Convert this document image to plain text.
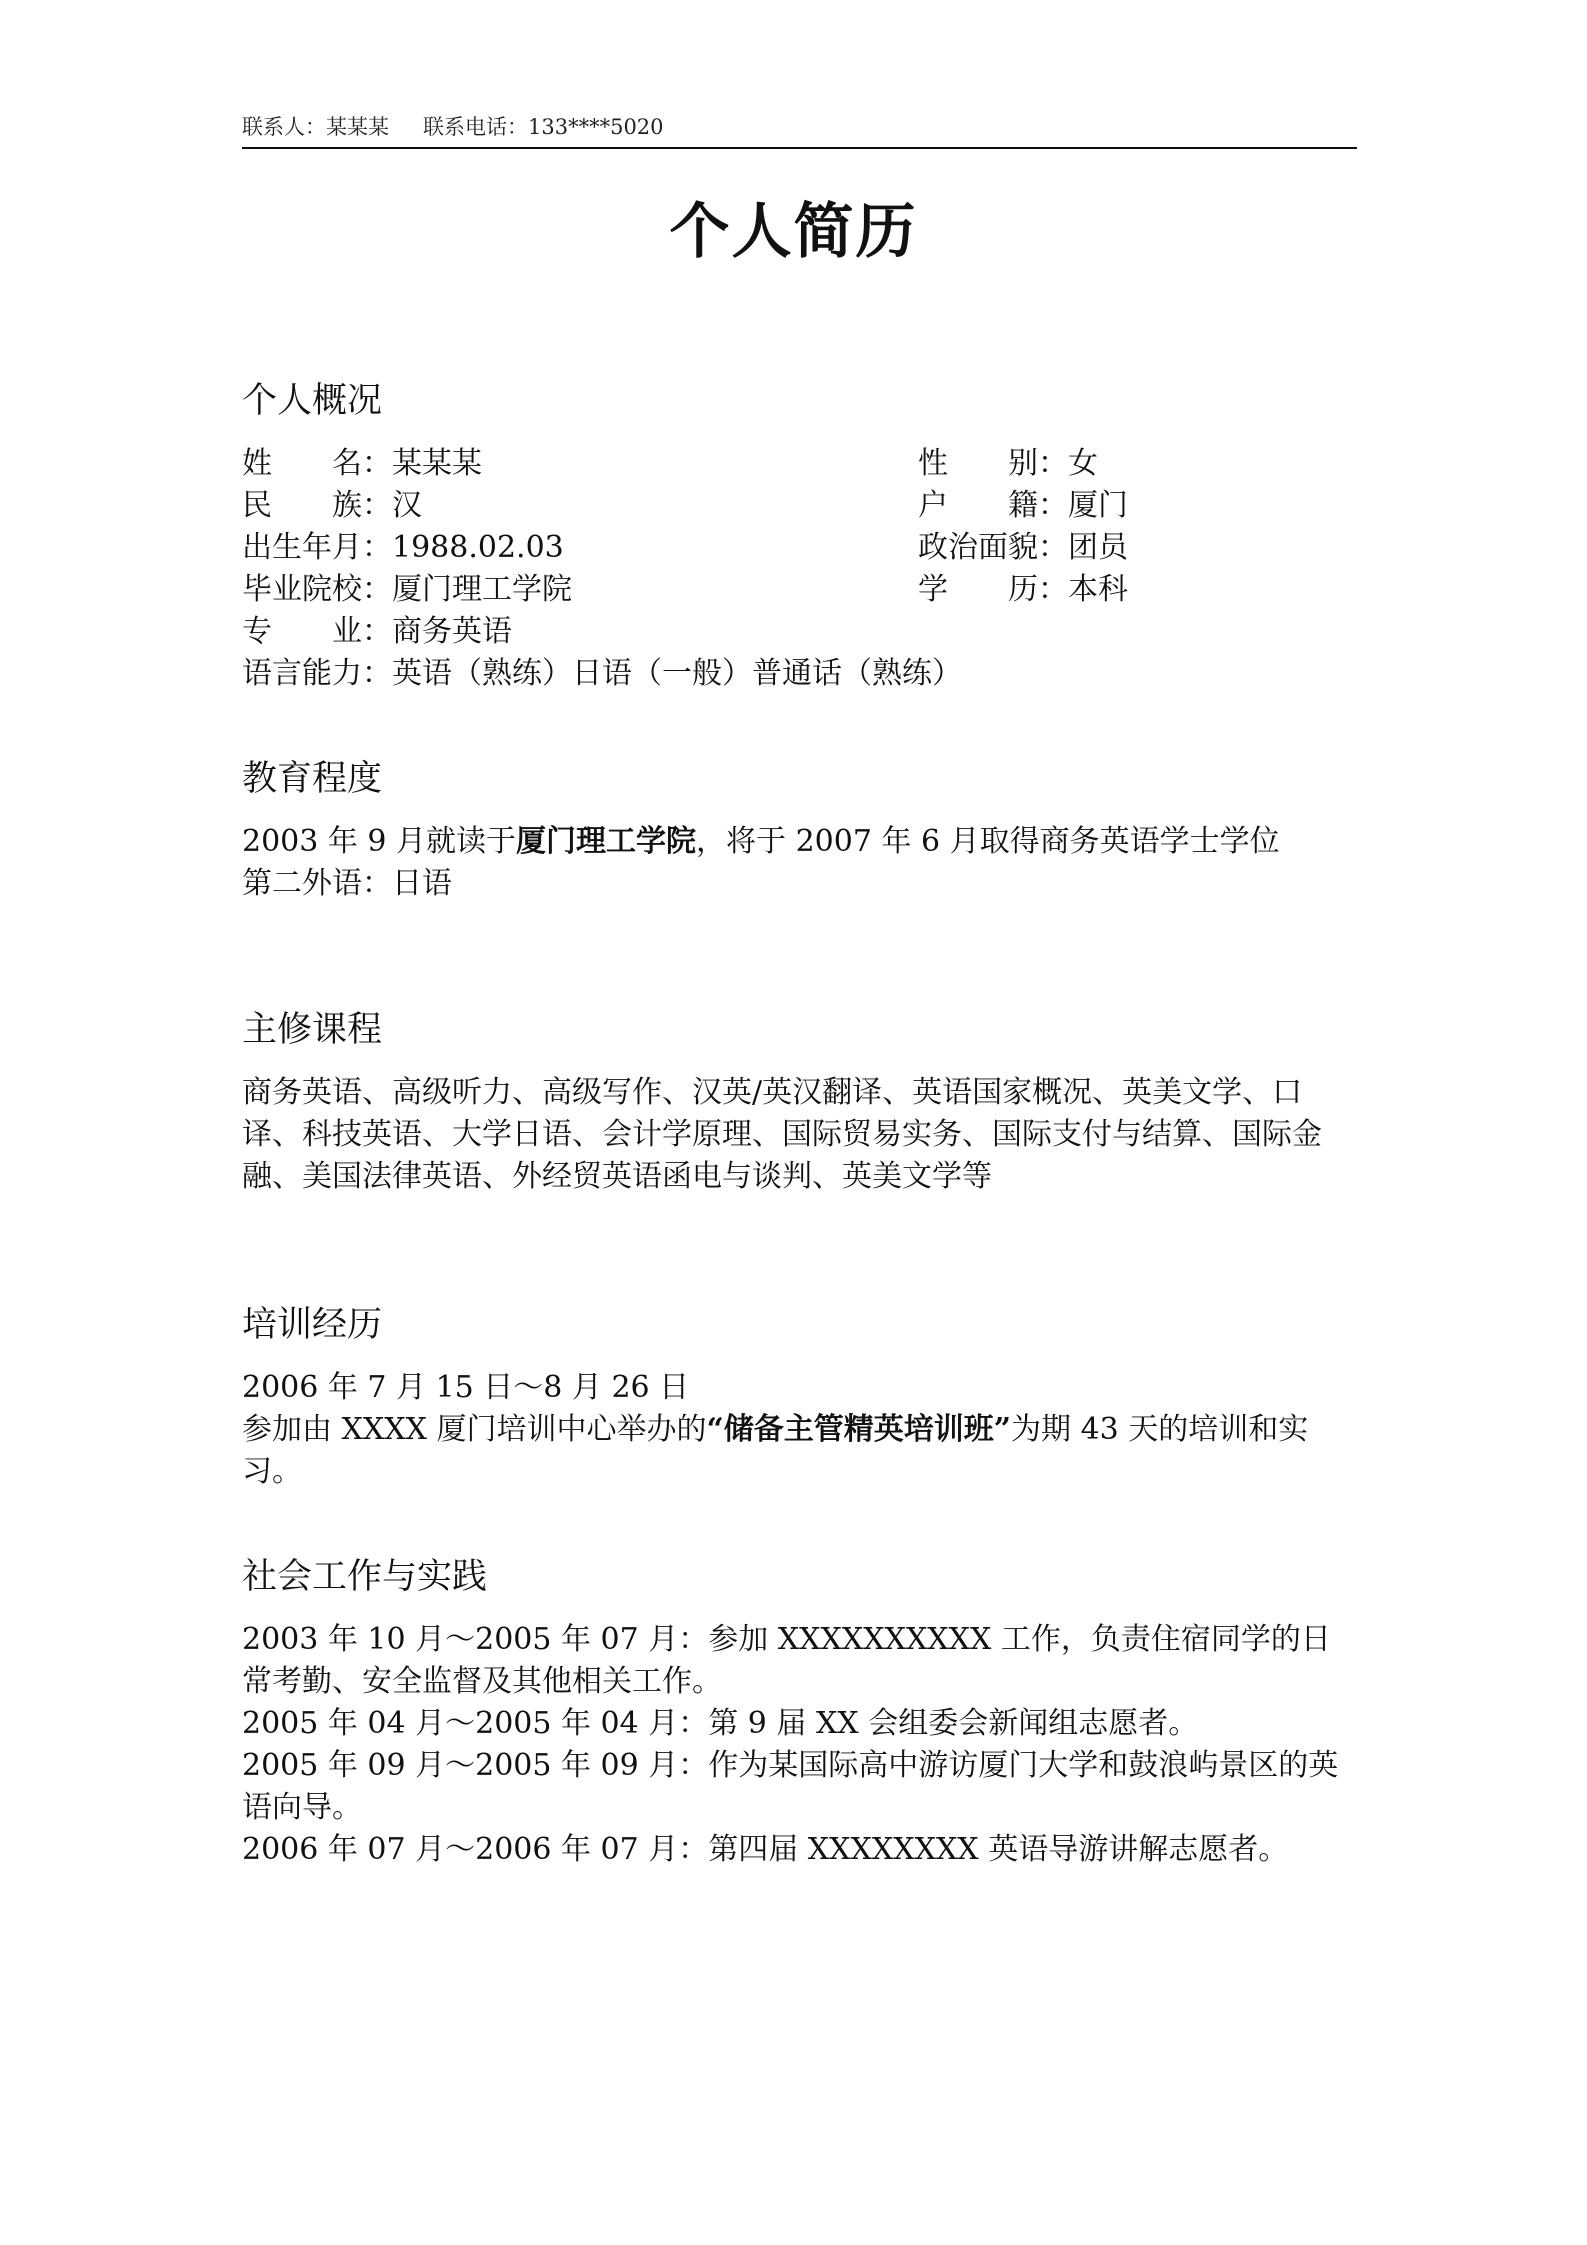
联系人：某某某 联系电话：133****5020
个人简历
个人概况
姓　　名：某某某	性　　别：女
民　　族：汉	户　　籍：厦门
出生年月：1988.02.03	政治面貌：团员
毕业院校：厦门理工学院	学　　历：本科
专　　业：商务英语
语言能力：英语（熟练）日语（一般）普通话（熟练）
教育程度
2003 年 9 月就读于厦门理工学院，将于 2007 年 6 月取得商务英语学士学位
第二外语：日语
主修课程
商务英语、高级听力、高级写作、汉英/英汉翻译、英语国家概况、英美文学、口译、科技英语、大学日语、会计学原理、国际贸易实务、国际支付与结算、国际金融、美国法律英语、外经贸英语函电与谈判、英美文学等
培训经历
2006 年 7 月 15 日～8 月 26 日
参加由 XXXX 厦门培训中心举办的“储备主管精英培训班”为期 43 天的培训和实习。
社会工作与实践
2003 年 10 月～2005 年 07 月：参加 XXXXXXXXXX 工作，负责住宿同学的日常考勤、安全监督及其他相关工作。
2005 年 04 月～2005 年 04 月：第 9 届 XX 会组委会新闻组志愿者。
2005 年 09 月～2005 年 09 月：作为某国际高中游访厦门大学和鼓浪屿景区的英语向导。
2006 年 07 月～2006 年 07 月：第四届 XXXXXXXX 英语导游讲解志愿者。
